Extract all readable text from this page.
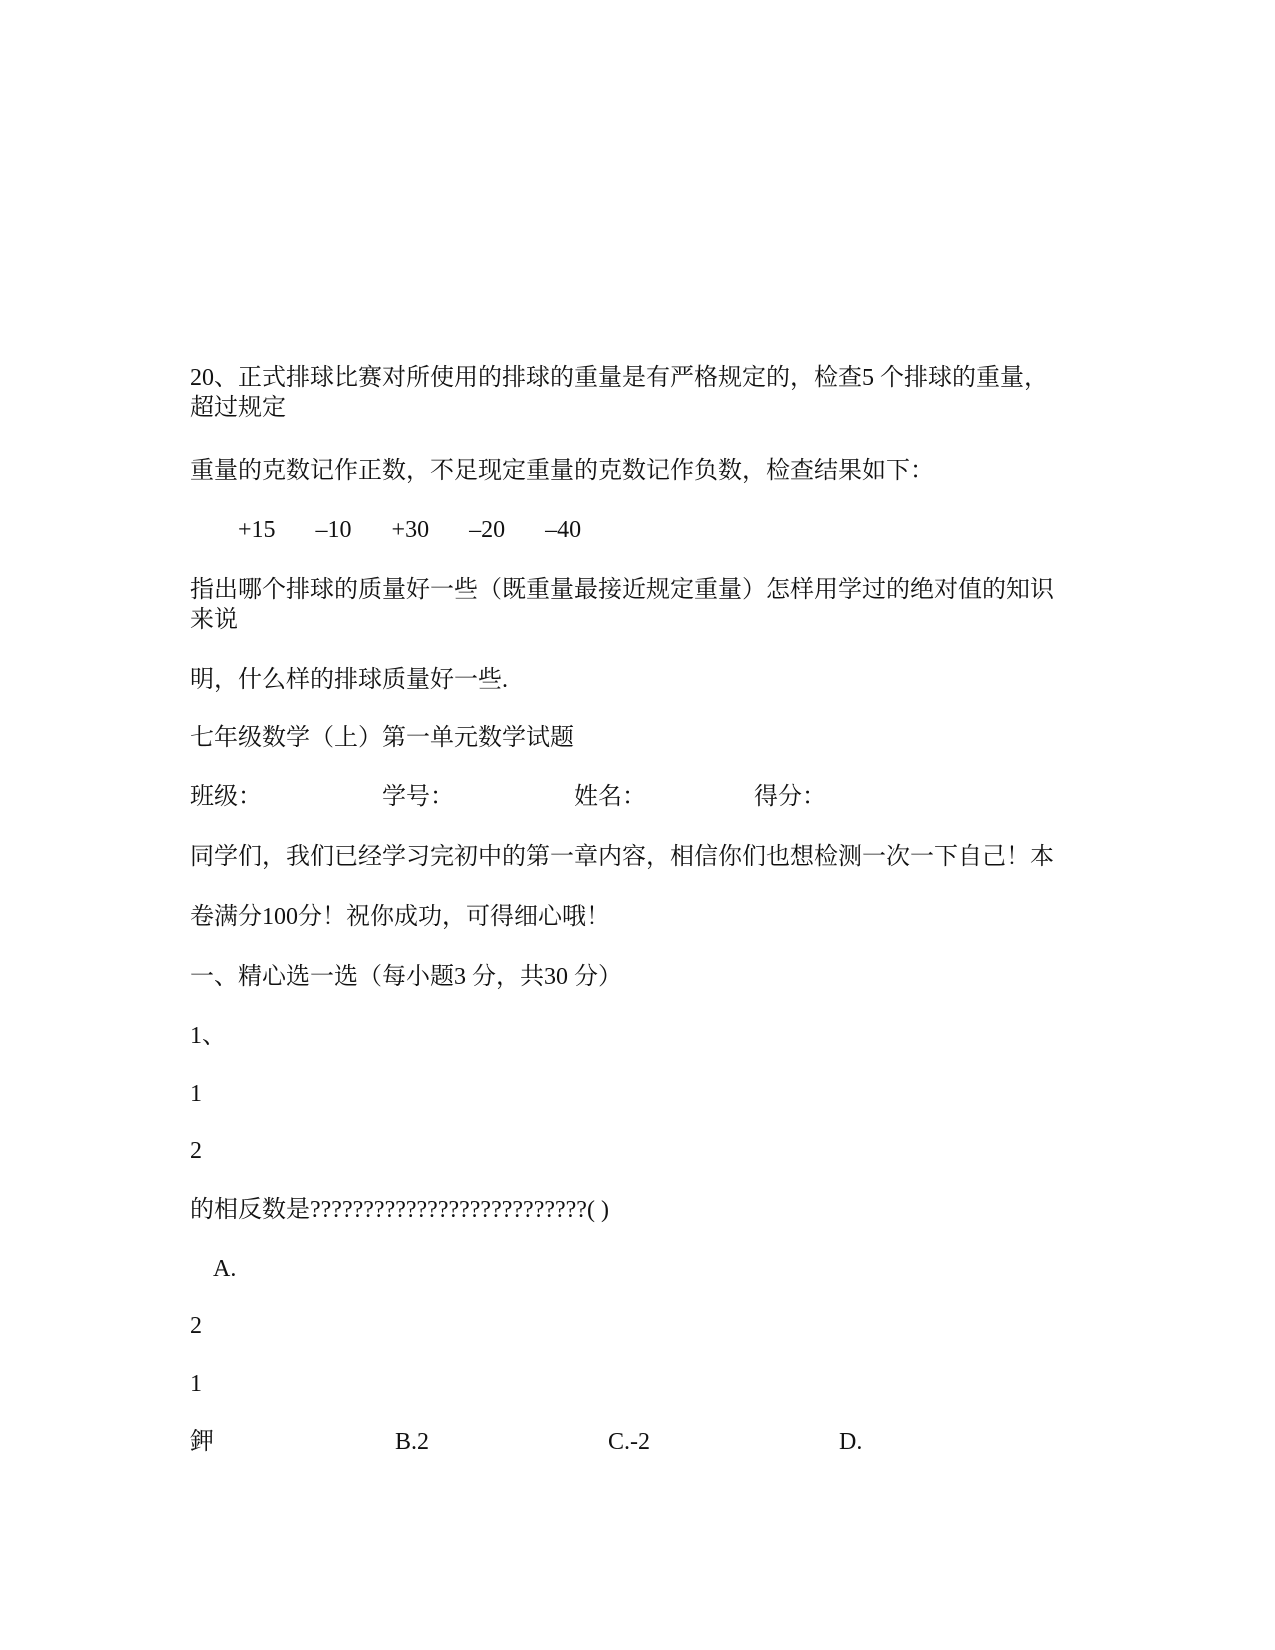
20、正式排球比赛对所使用的排球的重量是有严格规定的，检查5 个排球的重量，

超过规定

重量的克数记作正数，不足现定重量的克数记作负数，检查结果如下：

+15 –10 +30 –20 –40

指出哪个排球的质量好一些（既重量最接近规定重量）怎样用学过的绝对值的知识

来说

明，什么样的排球质量好一些.

七年级数学（上）第一单元数学试题

班级：	学号：	姓名：	得分：

同学们，我们已经学习完初中的第一章内容，相信你们也想检测一次一下自己！本

卷满分100分！祝你成功，可得细心哦！

一、精心选一选（每小题3 分，共30 分）

1、

1

2

的相反数是??????????????????????????( )

A.

2

1

鉀	B.2	C.-2	D.
